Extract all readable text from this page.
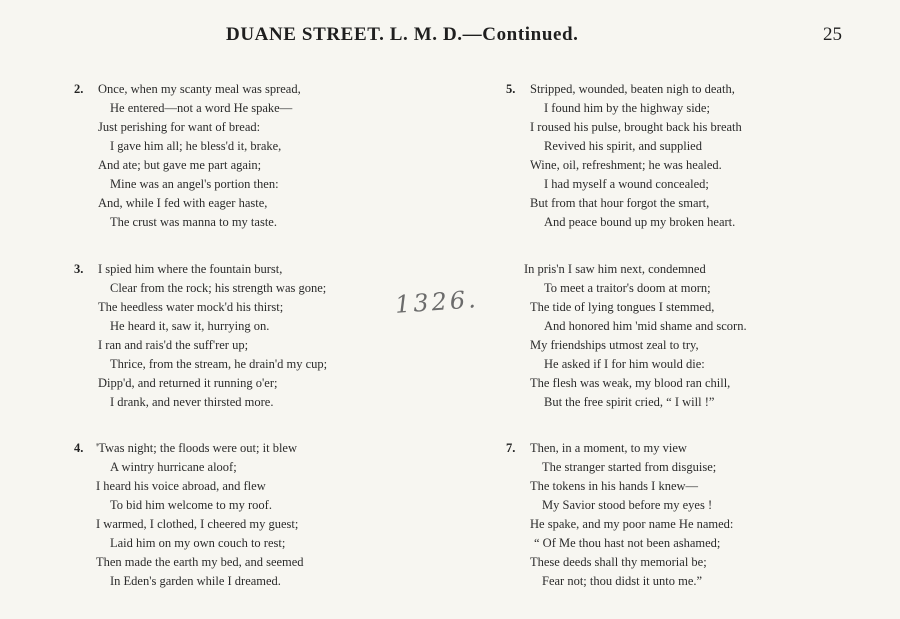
DUANE STREET. L. M. D.—Continued.	25
2. Once, when my scanty meal was spread,
He entered—not a word He spake—
Just perishing for want of bread:
I gave him all; he bless'd it, brake,
And ate; but gave me part again;
Mine was an angel's portion then:
And, while I fed with eager haste,
The crust was manna to my taste.
3. I spied him where the fountain burst,
Clear from the rock; his strength was gone;
The heedless water mock'd his thirst;
He heard it, saw it, hurrying on.
I ran and rais'd the suff'rer up;
Thrice, from the stream, he drain'd my cup;
Dipp'd, and returned it running o'er;
I drank, and never thirsted more.
4. 'Twas night; the floods were out; it blew
A wintry hurricane aloof;
I heard his voice abroad, and flew
To bid him welcome to my roof.
I warmed, I clothed, I cheered my guest;
Laid him on my own couch to rest;
Then made the earth my bed, and seemed
In Eden's garden while I dreamed.
5. Stripped, wounded, beaten nigh to death,
I found him by the highway side;
I roused his pulse, brought back his breath
Revived his spirit, and supplied
Wine, oil, refreshment; he was healed.
I had myself a wound concealed;
But from that hour forgot the smart,
And peace bound up my broken heart.
In pris'n I saw him next, condemned
To meet a traitor's doom at morn;
The tide of lying tongues I stemmed,
And honored him 'mid shame and scorn.
My friendships utmost zeal to try,
He asked if I for him would die:
The flesh was weak, my blood ran chill,
But the free spirit cried, “ I will !”
7. Then, in a moment, to my view
The stranger started from disguise;
The tokens in his hands I knew—
My Savior stood before my eyes !
He spake, and my poor name He named:
“ Of Me thou hast not been ashamed;
These deeds shall thy memorial be;
Fear not; thou didst it unto me.”
1326.
